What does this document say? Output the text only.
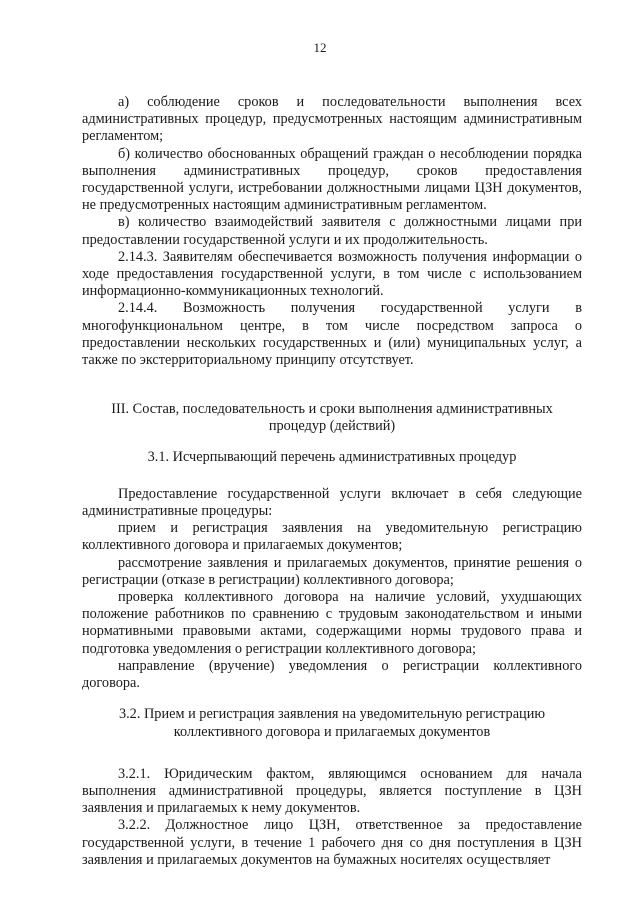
12

а) соблюдение сроков и последовательности выполнения всех административных процедур, предусмотренных настоящим административным регламентом;

б) количество обоснованных обращений граждан о несоблюдении порядка выполнения административных процедур, сроков предоставления государственной услуги, истребовании должностными лицами ЦЗН документов, не предусмотренных настоящим административным регламентом.

в) количество взаимодействий заявителя с должностными лицами при предоставлении государственной услуги и их продолжительность.

2.14.3. Заявителям обеспечивается возможность получения информации о ходе предоставления государственной услуги, в том числе с использованием информационно-коммуникационных технологий.

2.14.4. Возможность получения государственной услуги в многофункциональном центре, в том числе посредством запроса о предоставлении нескольких государственных и (или) муниципальных услуг, а также по экстерриториальному принципу отсутствует.

III. Состав, последовательность и сроки выполнения административных процедур (действий)

3.1. Исчерпывающий перечень административных процедур

Предоставление государственной услуги включает в себя следующие административные процедуры:

прием и регистрация заявления на уведомительную регистрацию коллективного договора и прилагаемых документов;

рассмотрение заявления и прилагаемых документов, принятие решения о регистрации (отказе в регистрации) коллективного договора;

проверка коллективного договора на наличие условий, ухудшающих положение работников по сравнению с трудовым законодательством и иными нормативными правовыми актами, содержащими нормы трудового права и подготовка уведомления о регистрации коллективного договора;

направление (вручение) уведомления о регистрации коллективного договора.

3.2. Прием и регистрация заявления на уведомительную регистрацию коллективного договора и прилагаемых документов

3.2.1. Юридическим фактом, являющимся основанием для начала выполнения административной процедуры, является поступление в ЦЗН заявления и прилагаемых к нему документов.

3.2.2. Должностное лицо ЦЗН, ответственное за предоставление государственной услуги, в течение 1 рабочего дня со дня поступления в ЦЗН заявления и прилагаемых документов на бумажных носителях осуществляет
